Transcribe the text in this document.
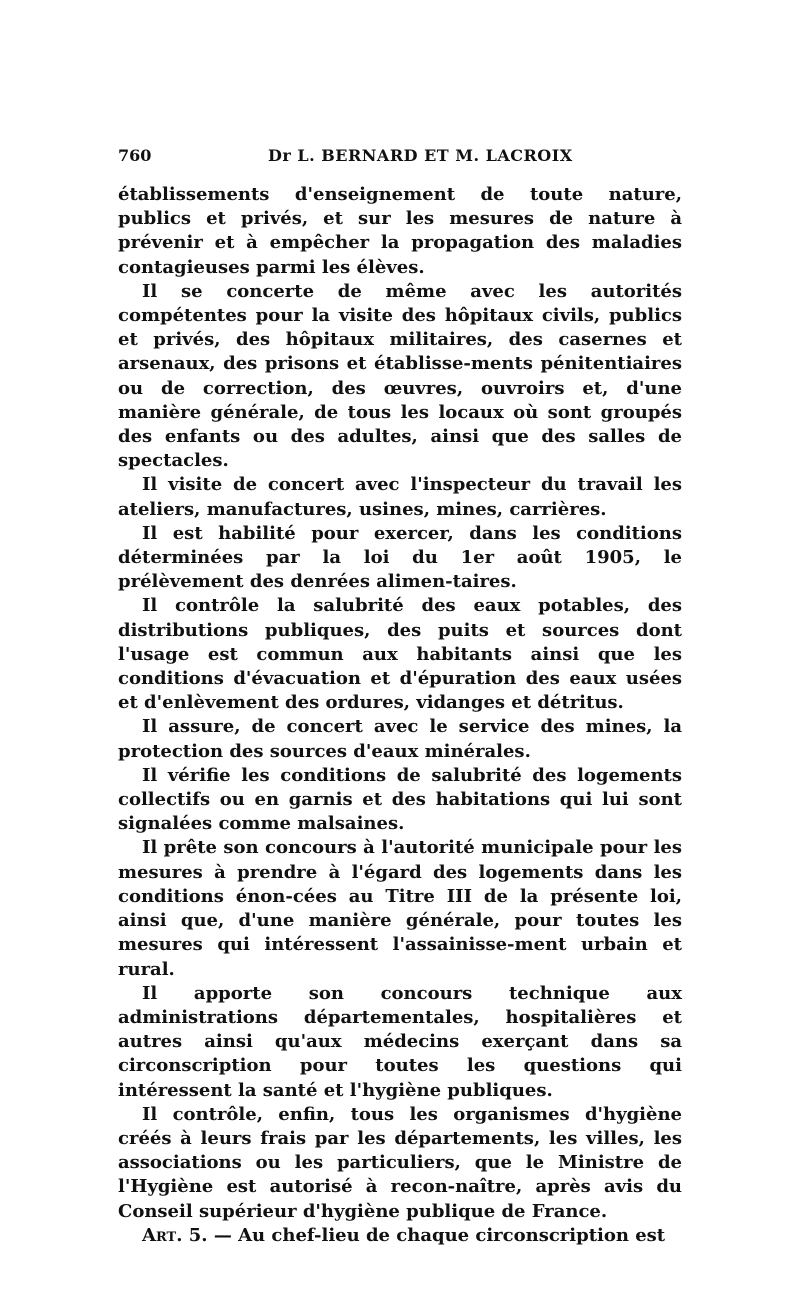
760	Dr L. BERNARD ET M. LACROIX

établissements d'enseignement de toute nature, publics et privés, et sur les mesures de nature à prévenir et à empêcher la propagation des maladies contagieuses parmi les élèves.

Il se concerte de même avec les autorités compétentes pour la visite des hôpitaux civils, publics et privés, des hôpitaux militaires, des casernes et arsenaux, des prisons et établisse-ments pénitentiaires ou de correction, des œuvres, ouvroirs et, d'une manière générale, de tous les locaux où sont groupés des enfants ou des adultes, ainsi que des salles de spectacles.

Il visite de concert avec l'inspecteur du travail les ateliers, manufactures, usines, mines, carrières.

Il est habilité pour exercer, dans les conditions déterminées par la loi du 1er août 1905, le prélèvement des denrées alimen-taires.

Il contrôle la salubrité des eaux potables, des distributions publiques, des puits et sources dont l'usage est commun aux habitants ainsi que les conditions d'évacuation et d'épuration des eaux usées et d'enlèvement des ordures, vidanges et détritus.

Il assure, de concert avec le service des mines, la protection des sources d'eaux minérales.

Il vérifie les conditions de salubrité des logements collectifs ou en garnis et des habitations qui lui sont signalées comme malsaines.

Il prête son concours à l'autorité municipale pour les mesures à prendre à l'égard des logements dans les conditions énon-cées au Titre III de la présente loi, ainsi que, d'une manière générale, pour toutes les mesures qui intéressent l'assainisse-ment urbain et rural.

Il apporte son concours technique aux administrations départementales, hospitalières et autres ainsi qu'aux médecins exerçant dans sa circonscription pour toutes les questions qui intéressent la santé et l'hygiène publiques.

Il contrôle, enfin, tous les organismes d'hygiène créés à leurs frais par les départements, les villes, les associations ou les particuliers, que le Ministre de l'Hygiène est autorisé à recon-naître, après avis du Conseil supérieur d'hygiène publique de France.

Art. 5. — Au chef-lieu de chaque circonscription est
